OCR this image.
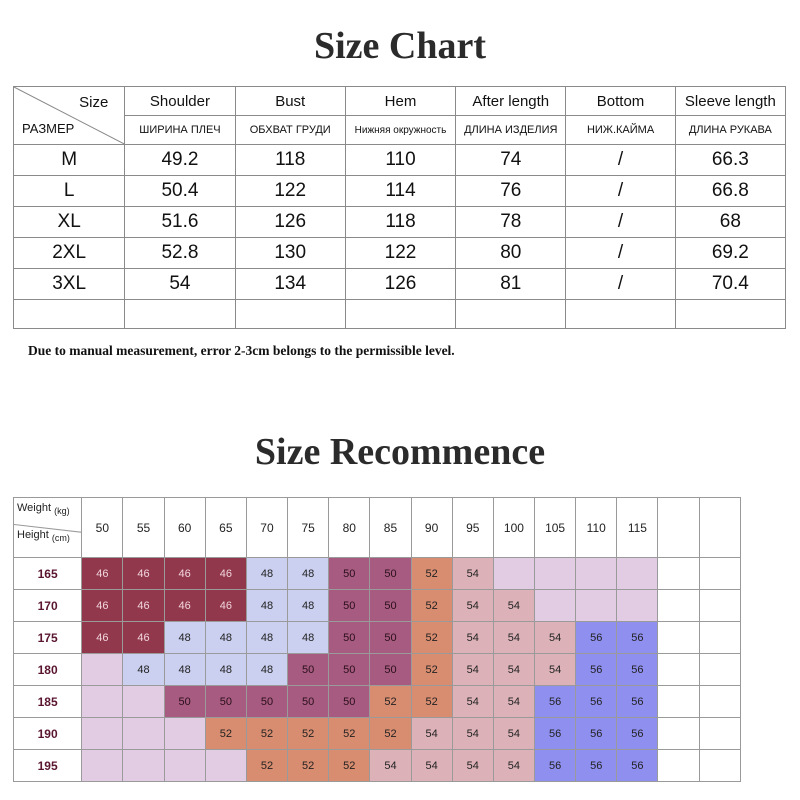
Size Chart
Size
РАЗМЕР	Shoulder	Bust	Hem	After length	Bottom	Sleeve length
	ШИРИНА ПЛЕЧ	ОБХВАТ ГРУДИ	Нижняя окружность	ДЛИНА ИЗДЕЛИЯ	НИЖ.КАЙМА	ДЛИНА РУКАВА
M	49.2	118	110	74	/	66.3
L	50.4	122	114	76	/	66.8
XL	51.6	126	118	78	/	68
2XL	52.8	130	122	80	/	69.2
3XL	54	134	126	81	/	70.4

Due to manual measurement, error 2-3cm belongs to the permissible level.
Size Recommence
Weight $_{(kg)}$
Height $_{(cm)}$	50	55	60	65	70	75	80	85	90	95	100	105	110	115		
165	46	46	46	46	48	48	50	50	52	54						
170	46	46	46	46	48	48	50	50	52	54	54					
175	46	46	48	48	48	48	50	50	52	54	54	54	56	56		
180		48	48	48	48	50	50	50	52	54	54	54	56	56		
185			50	50	50	50	50	52	52	54	54	56	56	56		
190				52	52	52	52	52	54	54	54	56	56	56		
195					52	52	52	54	54	54	54	56	56	56		
